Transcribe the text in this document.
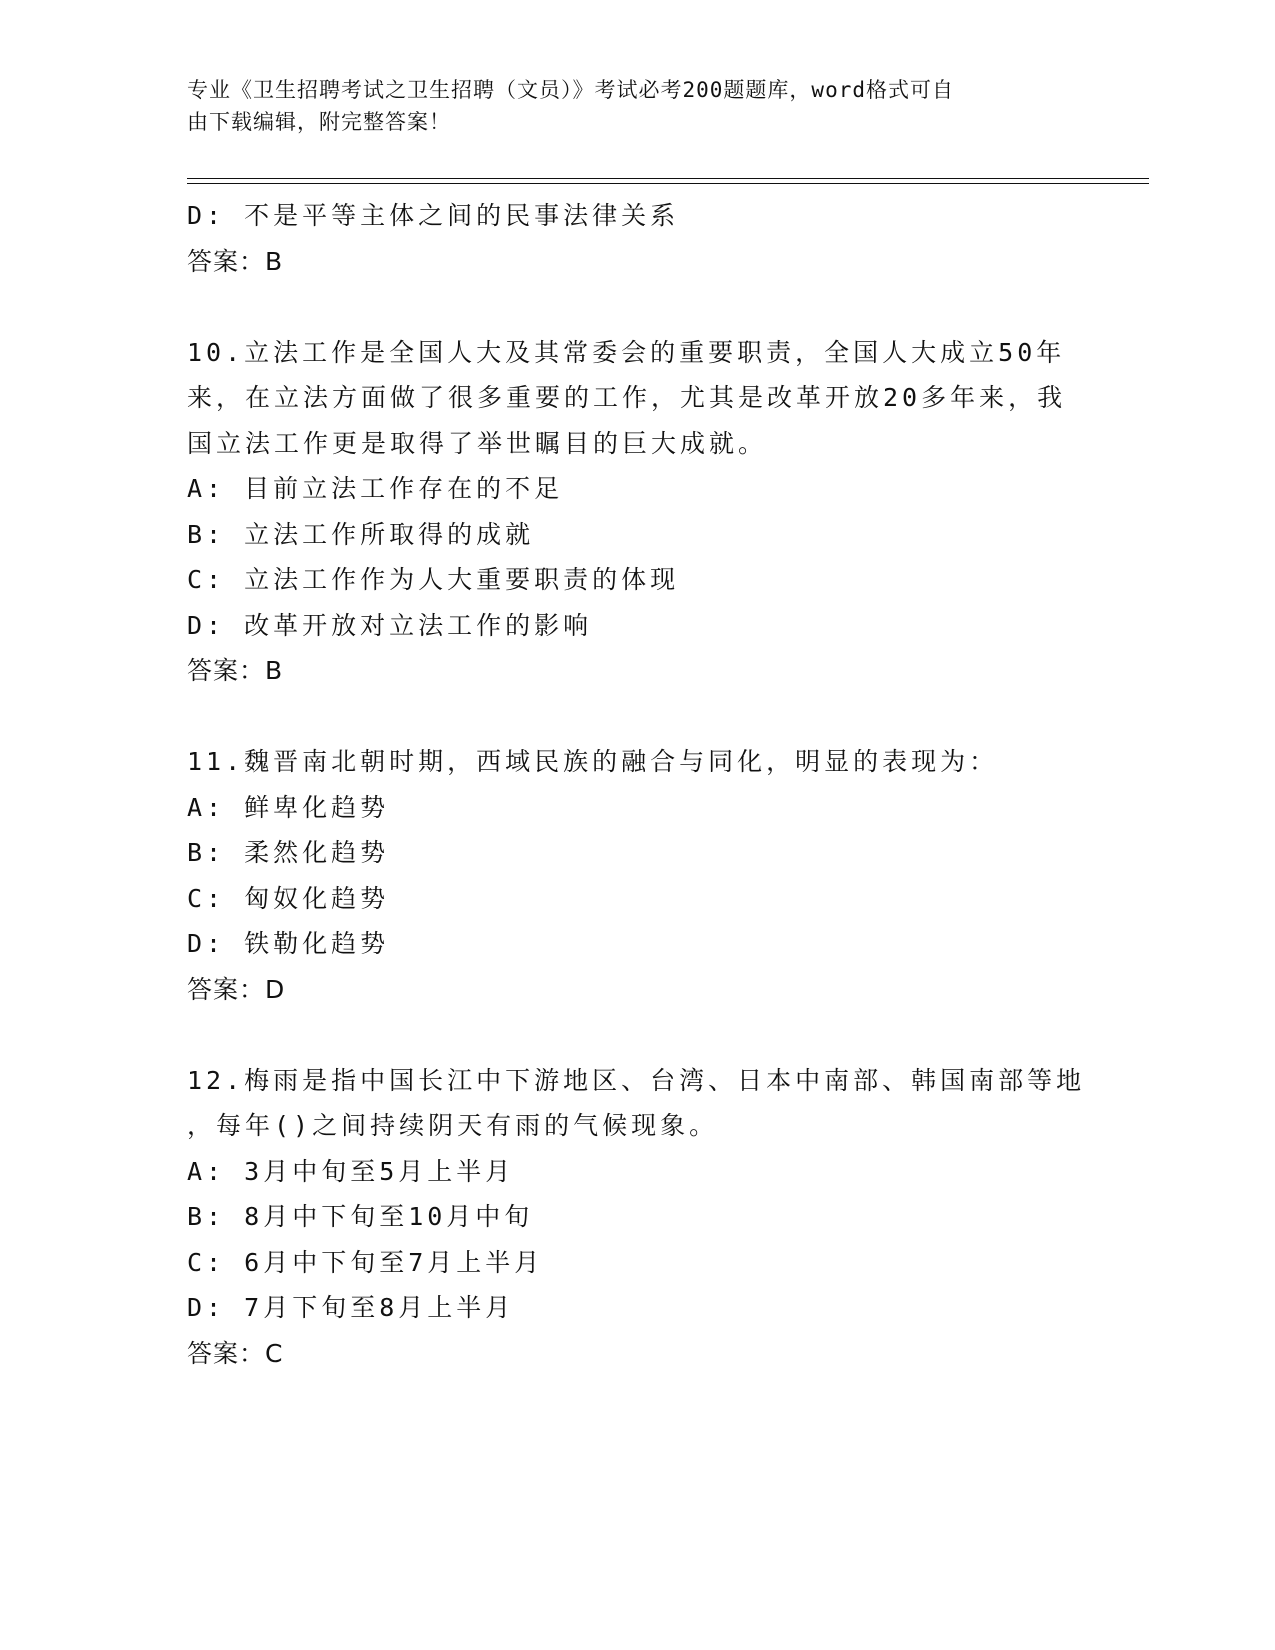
专业《卫生招聘考试之卫生招聘（文员）》考试必考200题题库，word格式可自
由下载编辑，附完整答案！
D: 不是平等主体之间的民事法律关系
答案：B
10.立法工作是全国人大及其常委会的重要职责，全国人大成立50年
来，在立法方面做了很多重要的工作，尤其是改革开放20多年来，我
国立法工作更是取得了举世瞩目的巨大成就。
A: 目前立法工作存在的不足
B: 立法工作所取得的成就
C: 立法工作作为人大重要职责的体现
D: 改革开放对立法工作的影响
答案：B
11.魏晋南北朝时期，西域民族的融合与同化，明显的表现为：
A: 鲜卑化趋势
B: 柔然化趋势
C: 匈奴化趋势
D: 铁勒化趋势
答案：D
12.梅雨是指中国长江中下游地区、台湾、日本中南部、韩国南部等地
，每年()之间持续阴天有雨的气候现象。
A: 3月中旬至5月上半月
B: 8月中下旬至10月中旬
C: 6月中下旬至7月上半月
D: 7月下旬至8月上半月
答案：C
